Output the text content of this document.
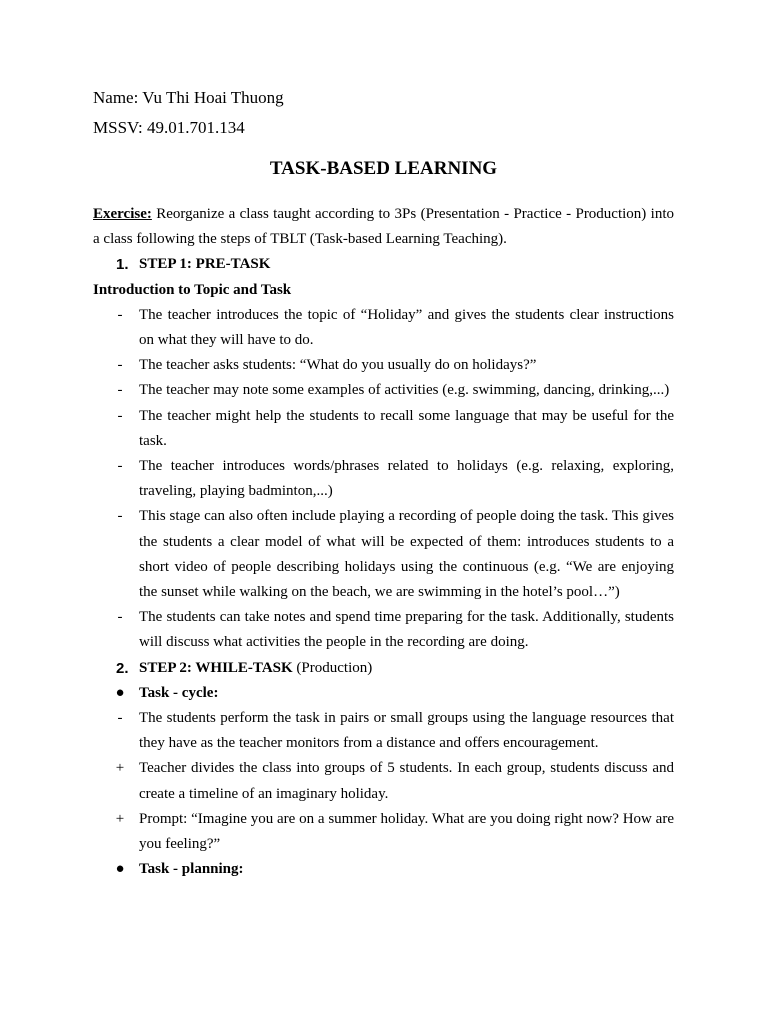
Name: Vu Thi Hoai Thuong
MSSV: 49.01.701.134
TASK-BASED LEARNING

Exercise: Reorganize a class taught according to 3Ps (Presentation - Practice - Production) into a class following the steps of TBLT (Task-based Learning Teaching).

1. STEP 1: PRE-TASK

Introduction to Topic and Task

- The teacher introduces the topic of “Holiday” and gives the students clear instructions on what they will have to do.

- The teacher asks students: “What do you usually do on holidays?”

- The teacher may note some examples of activities (e.g. swimming, dancing, drinking,...)

- The teacher might help the students to recall some language that may be useful for the task.

- The teacher introduces words/phrases related to holidays (e.g. relaxing, exploring, traveling, playing badminton,...)

- This stage can also often include playing a recording of people doing the task. This gives the students a clear model of what will be expected of them: introduces students to a short video of people describing holidays using the continuous (e.g. “We are enjoying the sunset while walking on the beach, we are swimming in the hotel’s pool…”)

- The students can take notes and spend time preparing for the task. Additionally, students will discuss what activities the people in the recording are doing.

2. STEP 2: WHILE-TASK (Production)

● Task - cycle:

- The students perform the task in pairs or small groups using the language resources that they have as the teacher monitors from a distance and offers encouragement.

+ Teacher divides the class into groups of 5 students. In each group, students discuss and create a timeline of an imaginary holiday.

+ Prompt: “Imagine you are on a summer holiday. What are you doing right now? How are you feeling?”

● Task - planning:
